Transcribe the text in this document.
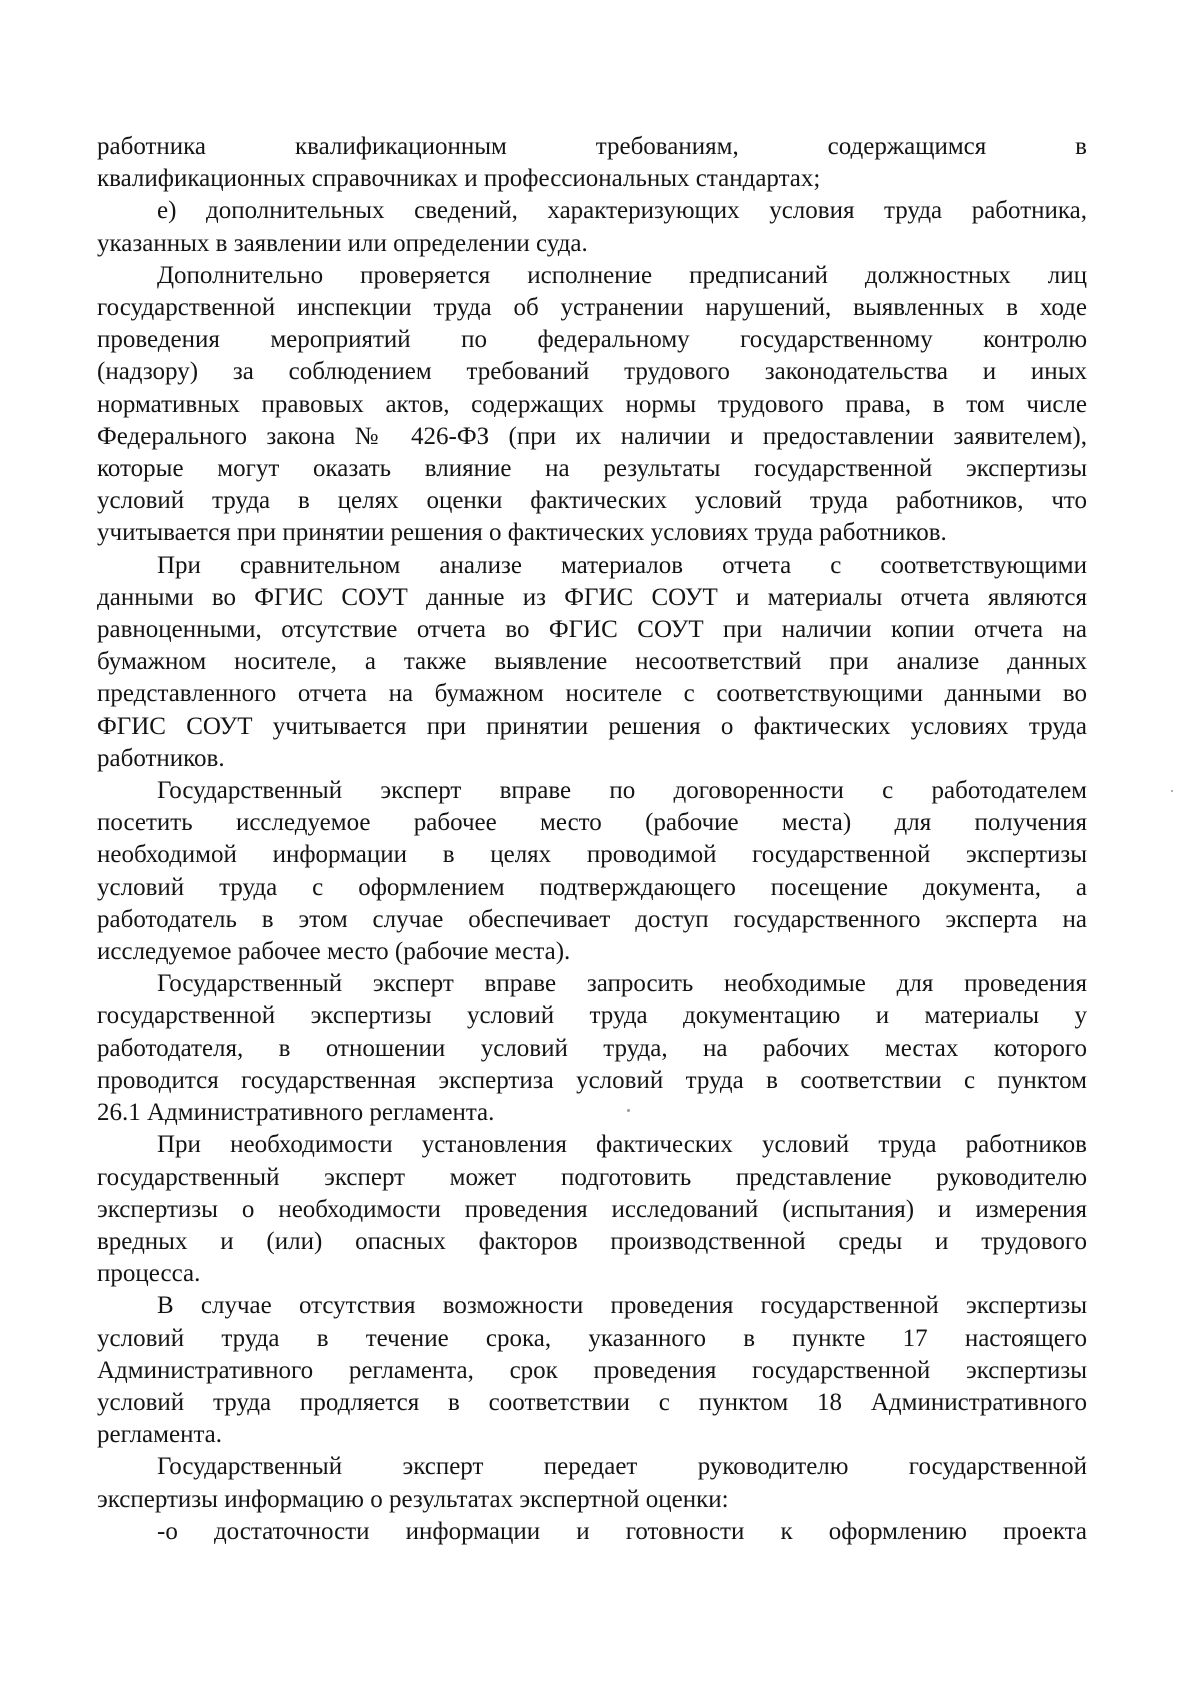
работника квалификационным требованиям, содержащимся в
квалификационных справочниках и профессиональных стандартах;

е) дополнительных сведений, характеризующих условия труда работника,
указанных в заявлении или определении суда.

Дополнительно проверяется исполнение предписаний должностных лиц
государственной инспекции труда об устранении нарушений, выявленных в ходе
проведения мероприятий по федеральному государственному контролю
(надзору) за соблюдением требований трудового законодательства и иных
нормативных правовых актов, содержащих нормы трудового права, в том числе
Федерального закона № 426-ФЗ (при их наличии и предоставлении заявителем),
которые могут оказать влияние на результаты государственной экспертизы
условий труда в целях оценки фактических условий труда работников, что
учитывается при принятии решения о фактических условиях труда работников.

При сравнительном анализе материалов отчета с соответствующими
данными во ФГИС СОУТ данные из ФГИС СОУТ и материалы отчета являются
равноценными, отсутствие отчета во ФГИС СОУТ при наличии копии отчета на
бумажном носителе, а также выявление несоответствий при анализе данных
представленного отчета на бумажном носителе с соответствующими данными во
ФГИС СОУТ учитывается при принятии решения о фактических условиях труда
работников.

Государственный эксперт вправе по договоренности с работодателем
посетить исследуемое рабочее место (рабочие места) для получения
необходимой информации в целях проводимой государственной экспертизы
условий труда с оформлением подтверждающего посещение документа, а
работодатель в этом случае обеспечивает доступ государственного эксперта на
исследуемое рабочее место (рабочие места).

Государственный эксперт вправе запросить необходимые для проведения
государственной экспертизы условий труда документацию и материалы у
работодателя, в отношении условий труда, на рабочих местах которого
проводится государственная экспертиза условий труда в соответствии с пунктом
26.1 Административного регламента.

При необходимости установления фактических условий труда работников
государственный эксперт может подготовить представление руководителю
экспертизы о необходимости проведения исследований (испытания) и измерения
вредных и (или) опасных факторов производственной среды и трудового
процесса.

В случае отсутствия возможности проведения государственной экспертизы
условий труда в течение срока, указанного в пункте 17 настоящего
Административного регламента, срок проведения государственной экспертизы
условий труда продляется в соответствии с пунктом 18 Административного
регламента.

Государственный эксперт передает руководителю государственной
экспертизы информацию о результатах экспертной оценки:

-о достаточности информации и готовности к оформлению проекта
